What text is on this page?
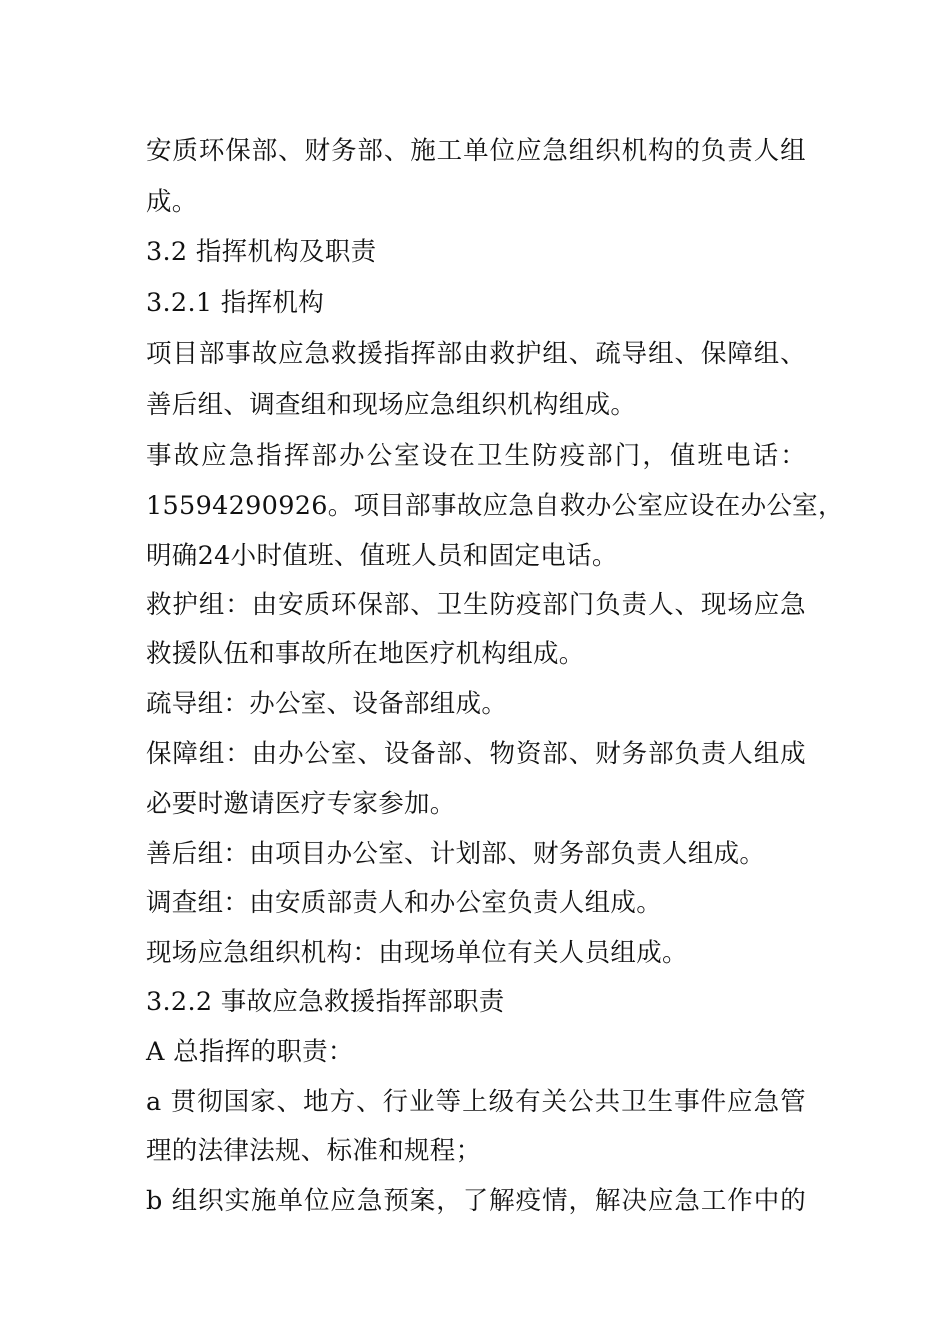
安质环保部、财务部、施工单位应急组织机构的负责人组
成。
3.2 指挥机构及职责
3.2.1 指挥机构
项目部事故应急救援指挥部由救护组、疏导组、保障组、
善后组、调查组和现场应急组织机构组成。
事故应急指挥部办公室设在卫生防疫部门，值班电话：
15594290926。项目部事故应急自救办公室应设在办公室，
明确24小时值班、值班人员和固定电话。
救护组：由安质环保部、卫生防疫部门负责人、现场应急
救援队伍和事故所在地医疗机构组成。
疏导组：办公室、设备部组成。
保障组：由办公室、设备部、物资部、财务部负责人组成
必要时邀请医疗专家参加。
善后组：由项目办公室、计划部、财务部负责人组成。
调查组：由安质部责人和办公室负责人组成。
现场应急组织机构：由现场单位有关人员组成。
3.2.2 事故应急救援指挥部职责
A 总指挥的职责：
a 贯彻国家、地方、行业等上级有关公共卫生事件应急管
理的法律法规、标准和规程；
b 组织实施单位应急预案，了解疫情，解决应急工作中的
